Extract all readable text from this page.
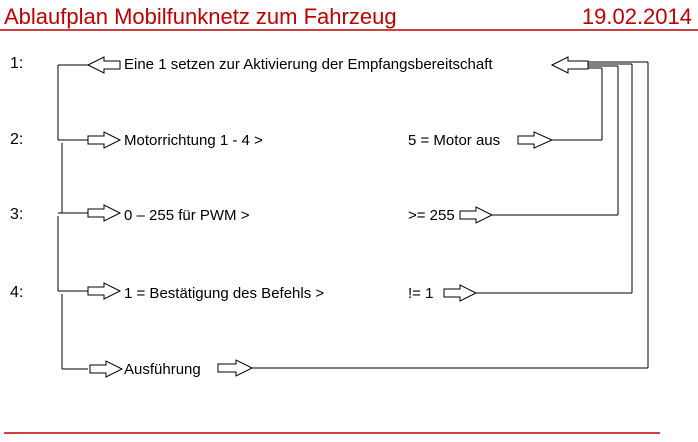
Ablaufplan Mobilfunknetz zum Fahrzeug	19.02.2014
1:
2:
3:
4:
Eine 1 setzen zur Aktivierung der Empfangsbereitschaft
Motorrichtung 1 - 4 >
0 – 255 für PWM >
1 = Bestätigung des Befehls >
Ausführung
5 = Motor aus
>= 255
!= 1
